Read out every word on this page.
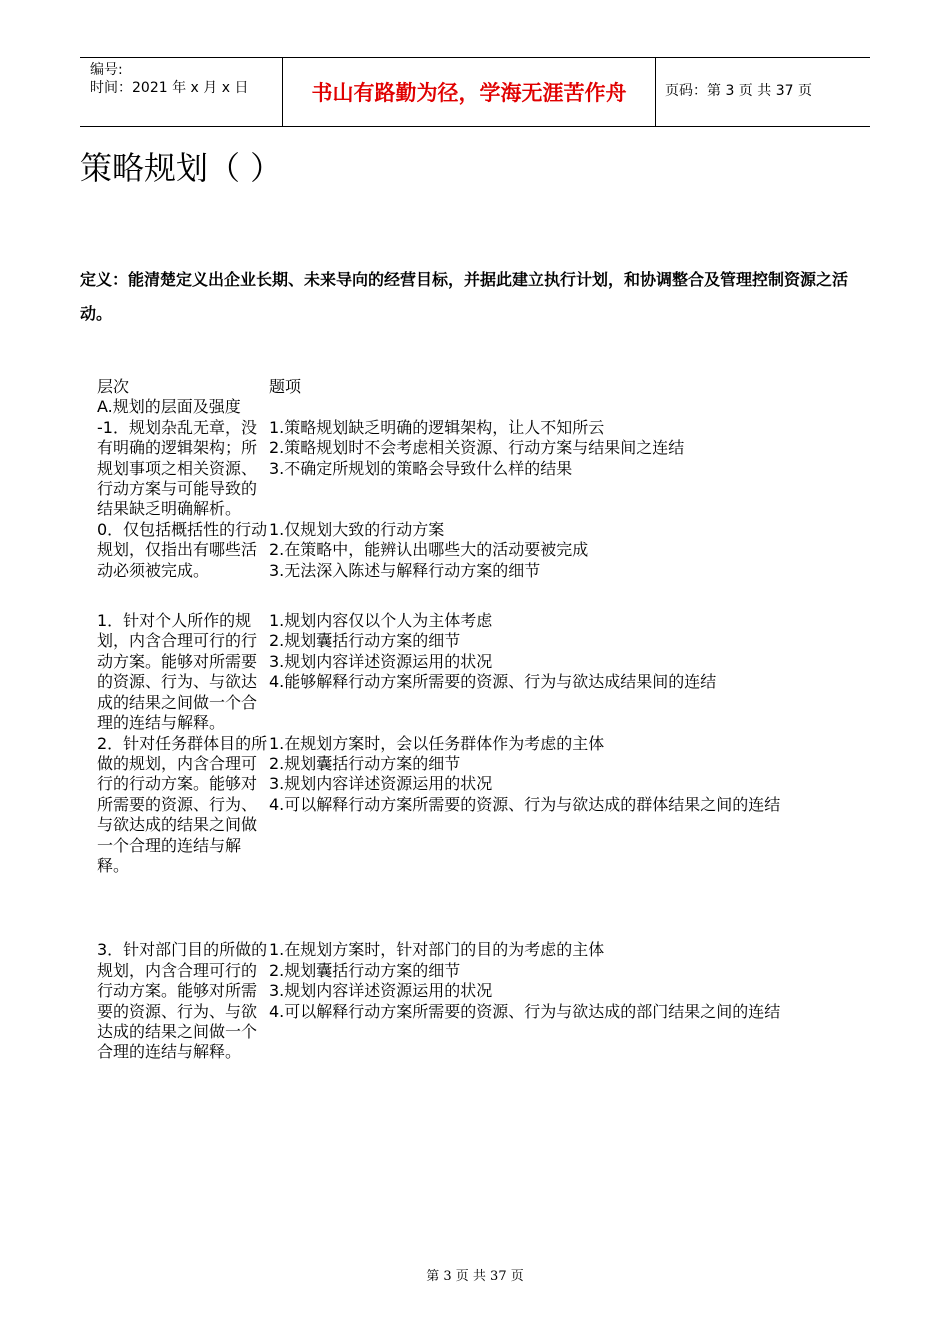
编号:
时间：2021 年 x 月 x 日	书山有路勤为径，学海无涯苦作舟	页码：第 3 页 共 37 页
策略规划（ ）
定义：能清楚定义出企业长期、未来导向的经营目标，并据此建立执行计划，和协调整合及管理控制资源之活动。
层次	题项
A.规划的层面及强度
-1．规划杂乱无章，没有明确的逻辑架构；所规划事项之相关资源、行动方案与可能导致的结果缺乏明确解析。
1. 策略规划缺乏明确的逻辑架构，让人不知所云
2. 策略规划时不会考虑相关资源、行动方案与结果间之连结
3. 不确定所规划的策略会导致什么样的结果
0．仅包括概括性的行动规划，仅指出有哪些活动必须被完成。
1. 仅规划大致的行动方案
2. 在策略中，能辨认出哪些大的活动要被完成
3. 无法深入陈述与解释行动方案的细节
1．针对个人所作的规划，内含合理可行的行动方案。能够对所需要的资源、行为、与欲达成的结果之间做一个合理的连结与解释。
1. 规划内容仅以个人为主体考虑
2. 规划囊括行动方案的细节
3. 规划内容详述资源运用的状况
4. 能够解释行动方案所需要的资源、行为与欲达成结果间的连结
2．针对任务群体目的所做的规划，内含合理可行的行动方案。能够对所需要的资源、行为、与欲达成的结果之间做一个合理的连结与解释。
1. 在规划方案时，会以任务群体作为考虑的主体
2. 规划囊括行动方案的细节
3. 规划内容详述资源运用的状况
4. 可以解释行动方案所需要的资源、行为与欲达成的群体结果之间的连结
3．针对部门目的所做的规划，内含合理可行的行动方案。能够对所需要的资源、行为、与欲达成的结果之间做一个合理的连结与解释。
1. 在规划方案时，针对部门的目的为考虑的主体
2. 规划囊括行动方案的细节
3. 规划内容详述资源运用的状况
4. 可以解释行动方案所需要的资源、行为与欲达成的部门结果之间的连结
第 3 页 共 37 页
